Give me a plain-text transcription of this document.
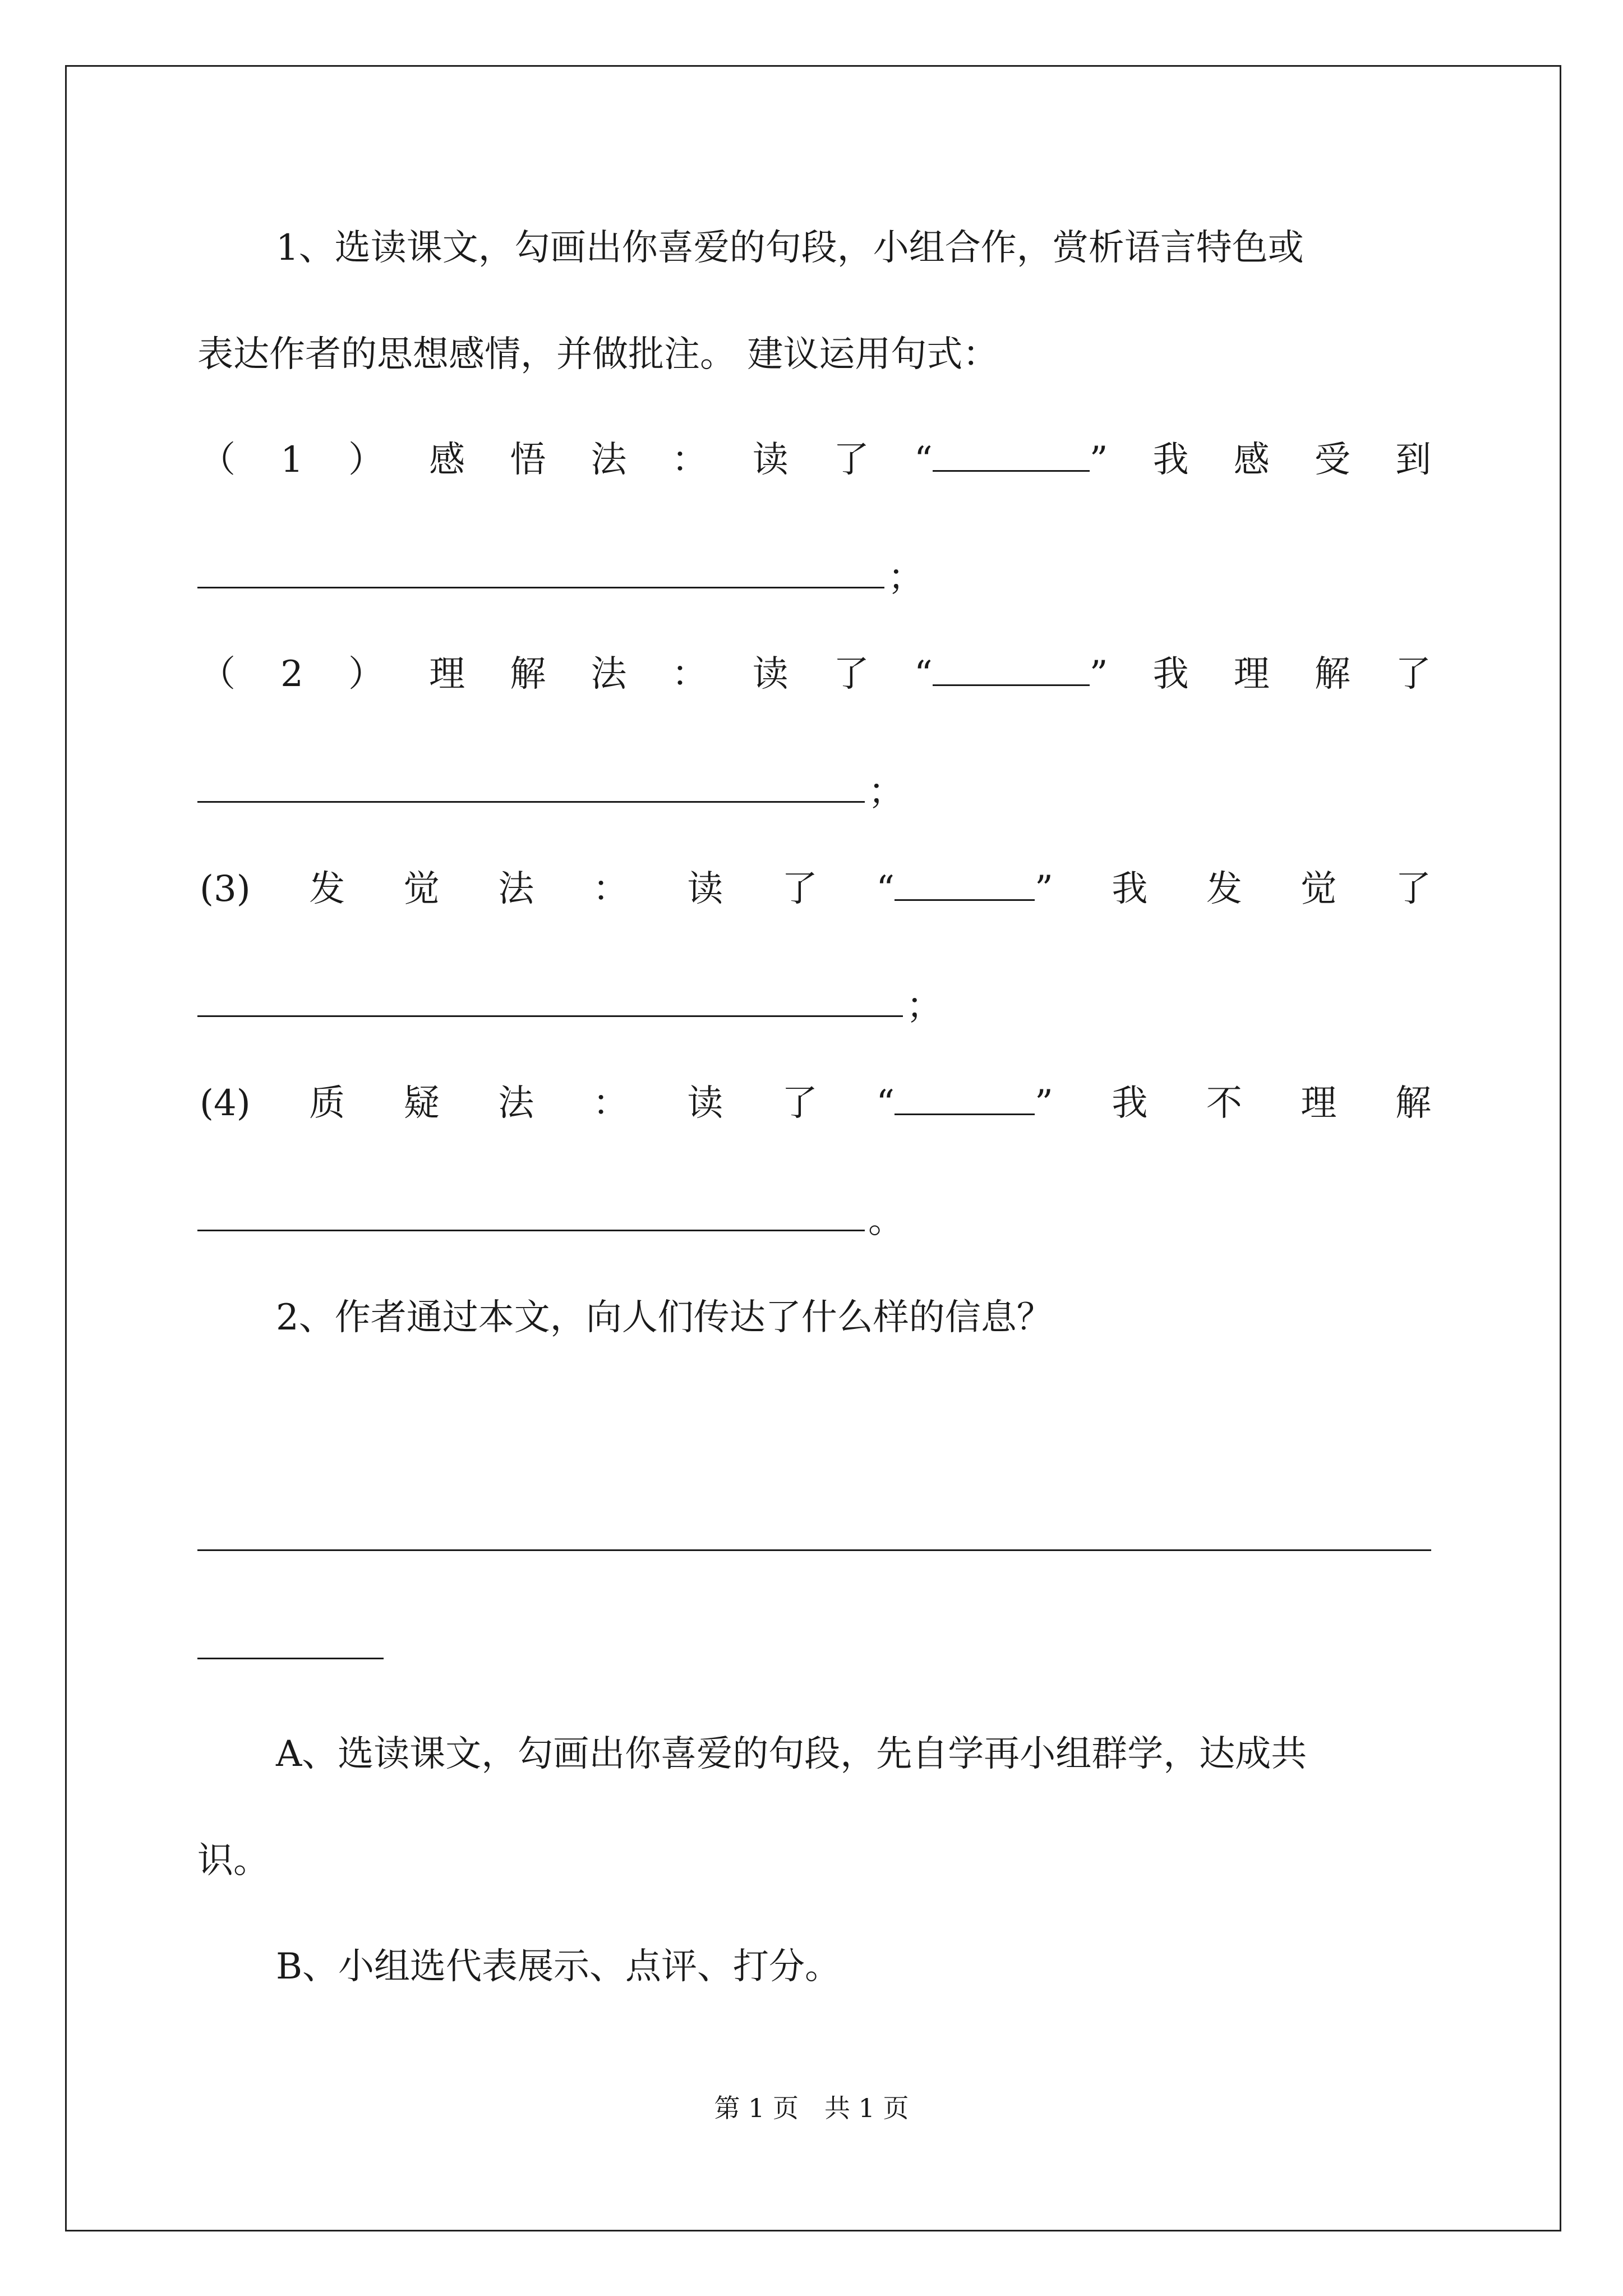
1、选读课文，勾画出你喜爱的句段，小组合作，赏析语言特色或
表达作者的思想感情，并做批注。 建议运用句式：
（ 1 ） 感 悟 法 ： 读 了 “	” 我 感 受 到
；
（ 2 ） 理 解 法 ： 读 了 “	” 我 理 解 了
；
(3) 发 觉 法 ： 读 了 “	” 我 发 觉 了
；
(4) 质 疑 法 ： 读 了 “	” 我 不 理 解
。
2、作者通过本文，向人们传达了什么样的信息？
A、选读课文，勾画出你喜爱的句段，先自学再小组群学，达成共
识。
B、小组选代表展示、点评、打分。
第 1 页　共 1 页
